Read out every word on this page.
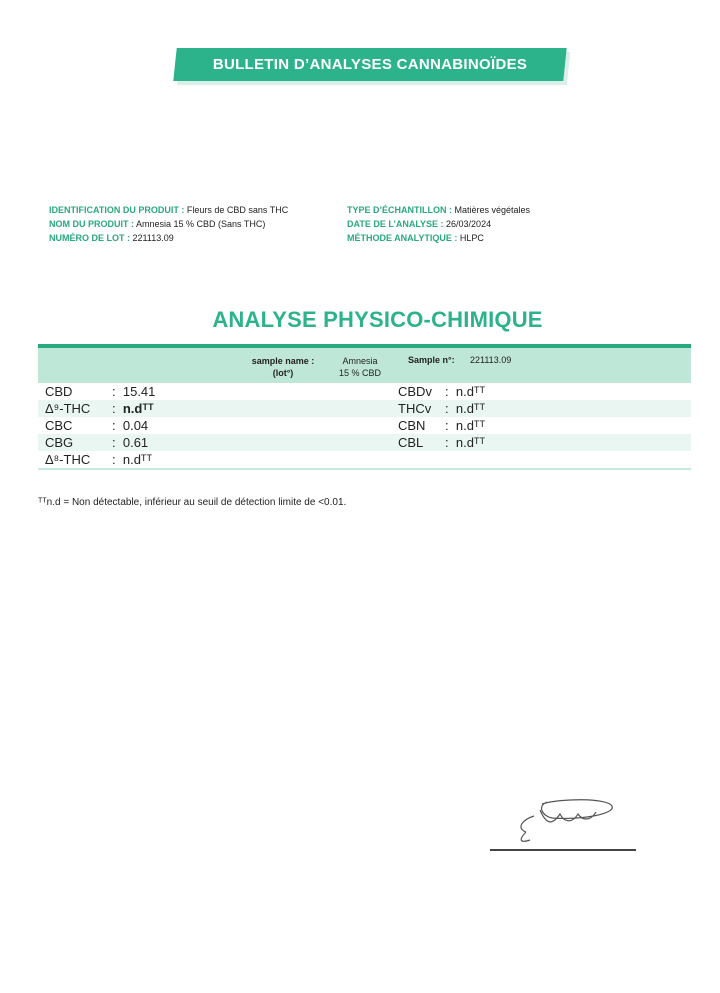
BULLETIN D’ANALYSES CANNABINOÏDES
IDENTIFICATION DU PRODUIT : Fleurs de CBD sans THC
NOM DU PRODUIT : Amnesia 15 % CBD (Sans THC)
NUMÉRO DE LOT : 221113.09
TYPE D’ÉCHANTILLON : Matières végétales
DATE DE L’ANALYSE : 26/03/2024
MÉTHODE ANALYTIQUE : HLPC
ANALYSE PHYSICO-CHIMIQUE
sample name :
(lot°)
Amnesia
15 % CBD
Sample n°: 221113.09
CBD	: 15.41	CBDv : n.dᵀᵀ
Δ⁹-THC : n.dᵀᵀ	THCv : n.dᵀᵀ
CBC	: 0.04	CBN : n.dᵀᵀ
CBG	: 0.61	CBL : n.dᵀᵀ
Δ⁸-THC : n.dᵀᵀ
ᵀᵀn.d = Non détectable, inférieur au seuil de détection limite de <0.01.
